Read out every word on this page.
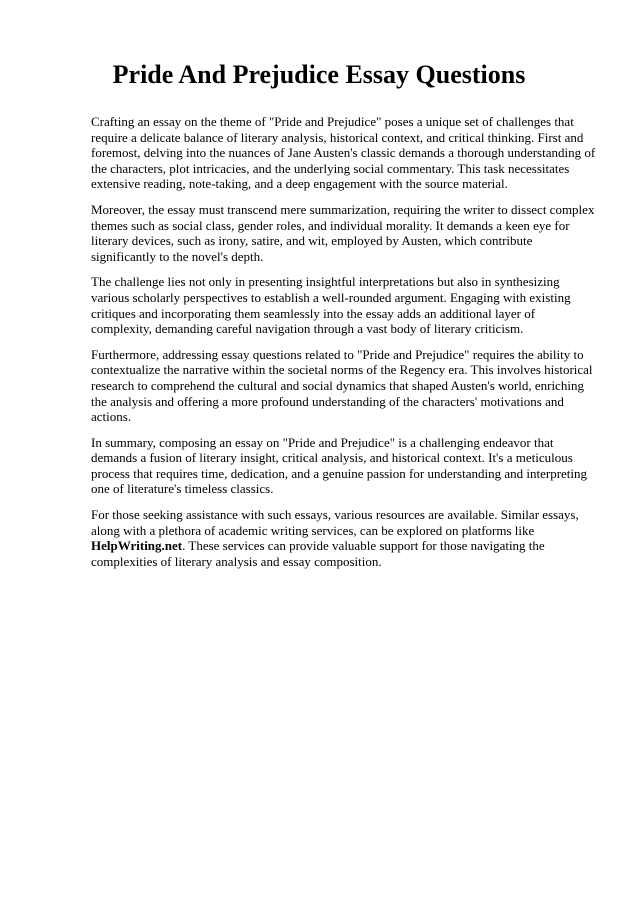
Pride And Prejudice Essay Questions

Crafting an essay on the theme of "Pride and Prejudice" poses a unique set of challenges that require a delicate balance of literary analysis, historical context, and critical thinking. First and foremost, delving into the nuances of Jane Austen's classic demands a thorough understanding of the characters, plot intricacies, and the underlying social commentary. This task necessitates extensive reading, note-taking, and a deep engagement with the source material.

Moreover, the essay must transcend mere summarization, requiring the writer to dissect complex themes such as social class, gender roles, and individual morality. It demands a keen eye for literary devices, such as irony, satire, and wit, employed by Austen, which contribute significantly to the novel's depth.

The challenge lies not only in presenting insightful interpretations but also in synthesizing various scholarly perspectives to establish a well-rounded argument. Engaging with existing critiques and incorporating them seamlessly into the essay adds an additional layer of complexity, demanding careful navigation through a vast body of literary criticism.

Furthermore, addressing essay questions related to "Pride and Prejudice" requires the ability to contextualize the narrative within the societal norms of the Regency era. This involves historical research to comprehend the cultural and social dynamics that shaped Austen's world, enriching the analysis and offering a more profound understanding of the characters' motivations and actions.

In summary, composing an essay on "Pride and Prejudice" is a challenging endeavor that demands a fusion of literary insight, critical analysis, and historical context. It's a meticulous process that requires time, dedication, and a genuine passion for understanding and interpreting one of literature's timeless classics.

For those seeking assistance with such essays, various resources are available. Similar essays, along with a plethora of academic writing services, can be explored on platforms like HelpWriting.net. These services can provide valuable support for those navigating the complexities of literary analysis and essay composition.
